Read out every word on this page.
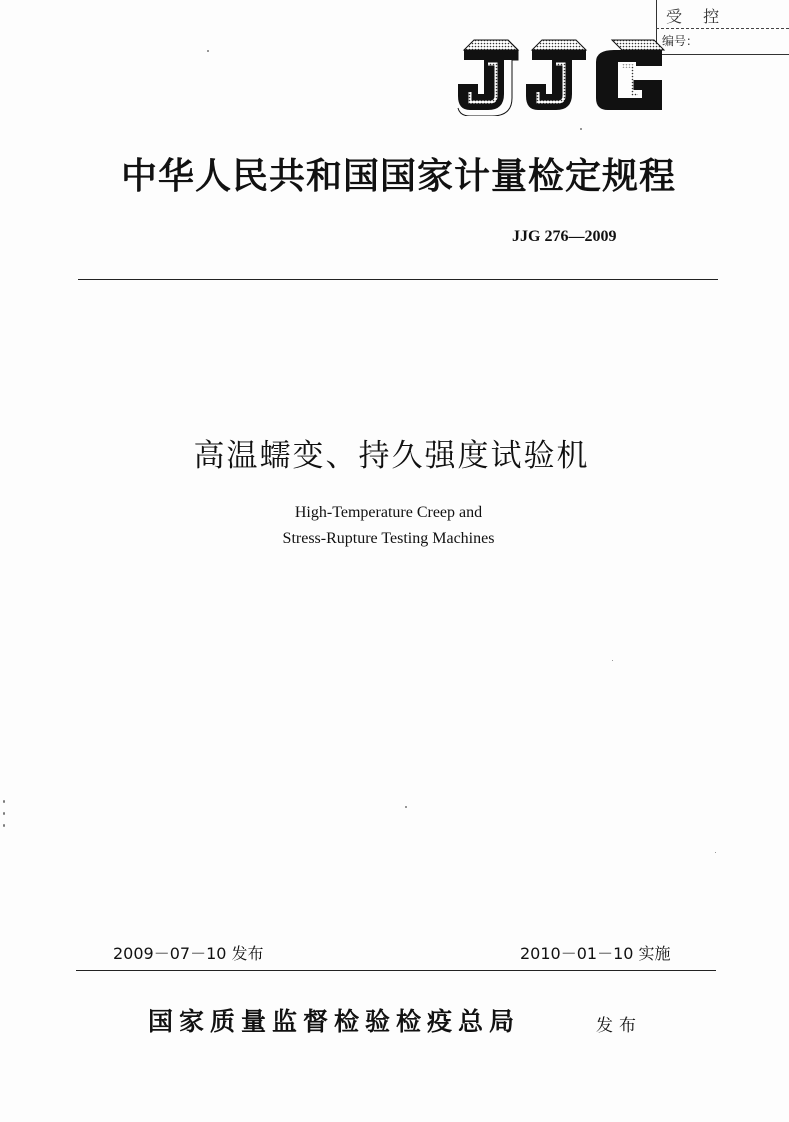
受 控
编号：
中华人民共和国国家计量检定规程
JJG 276—2009
高温蠕变、持久强度试验机
High-Temperature Creep and
Stress-Rupture Testing Machines
2009－07－10 发布	2010－01－10 实施
国家质量监督检验检疫总局	发布
